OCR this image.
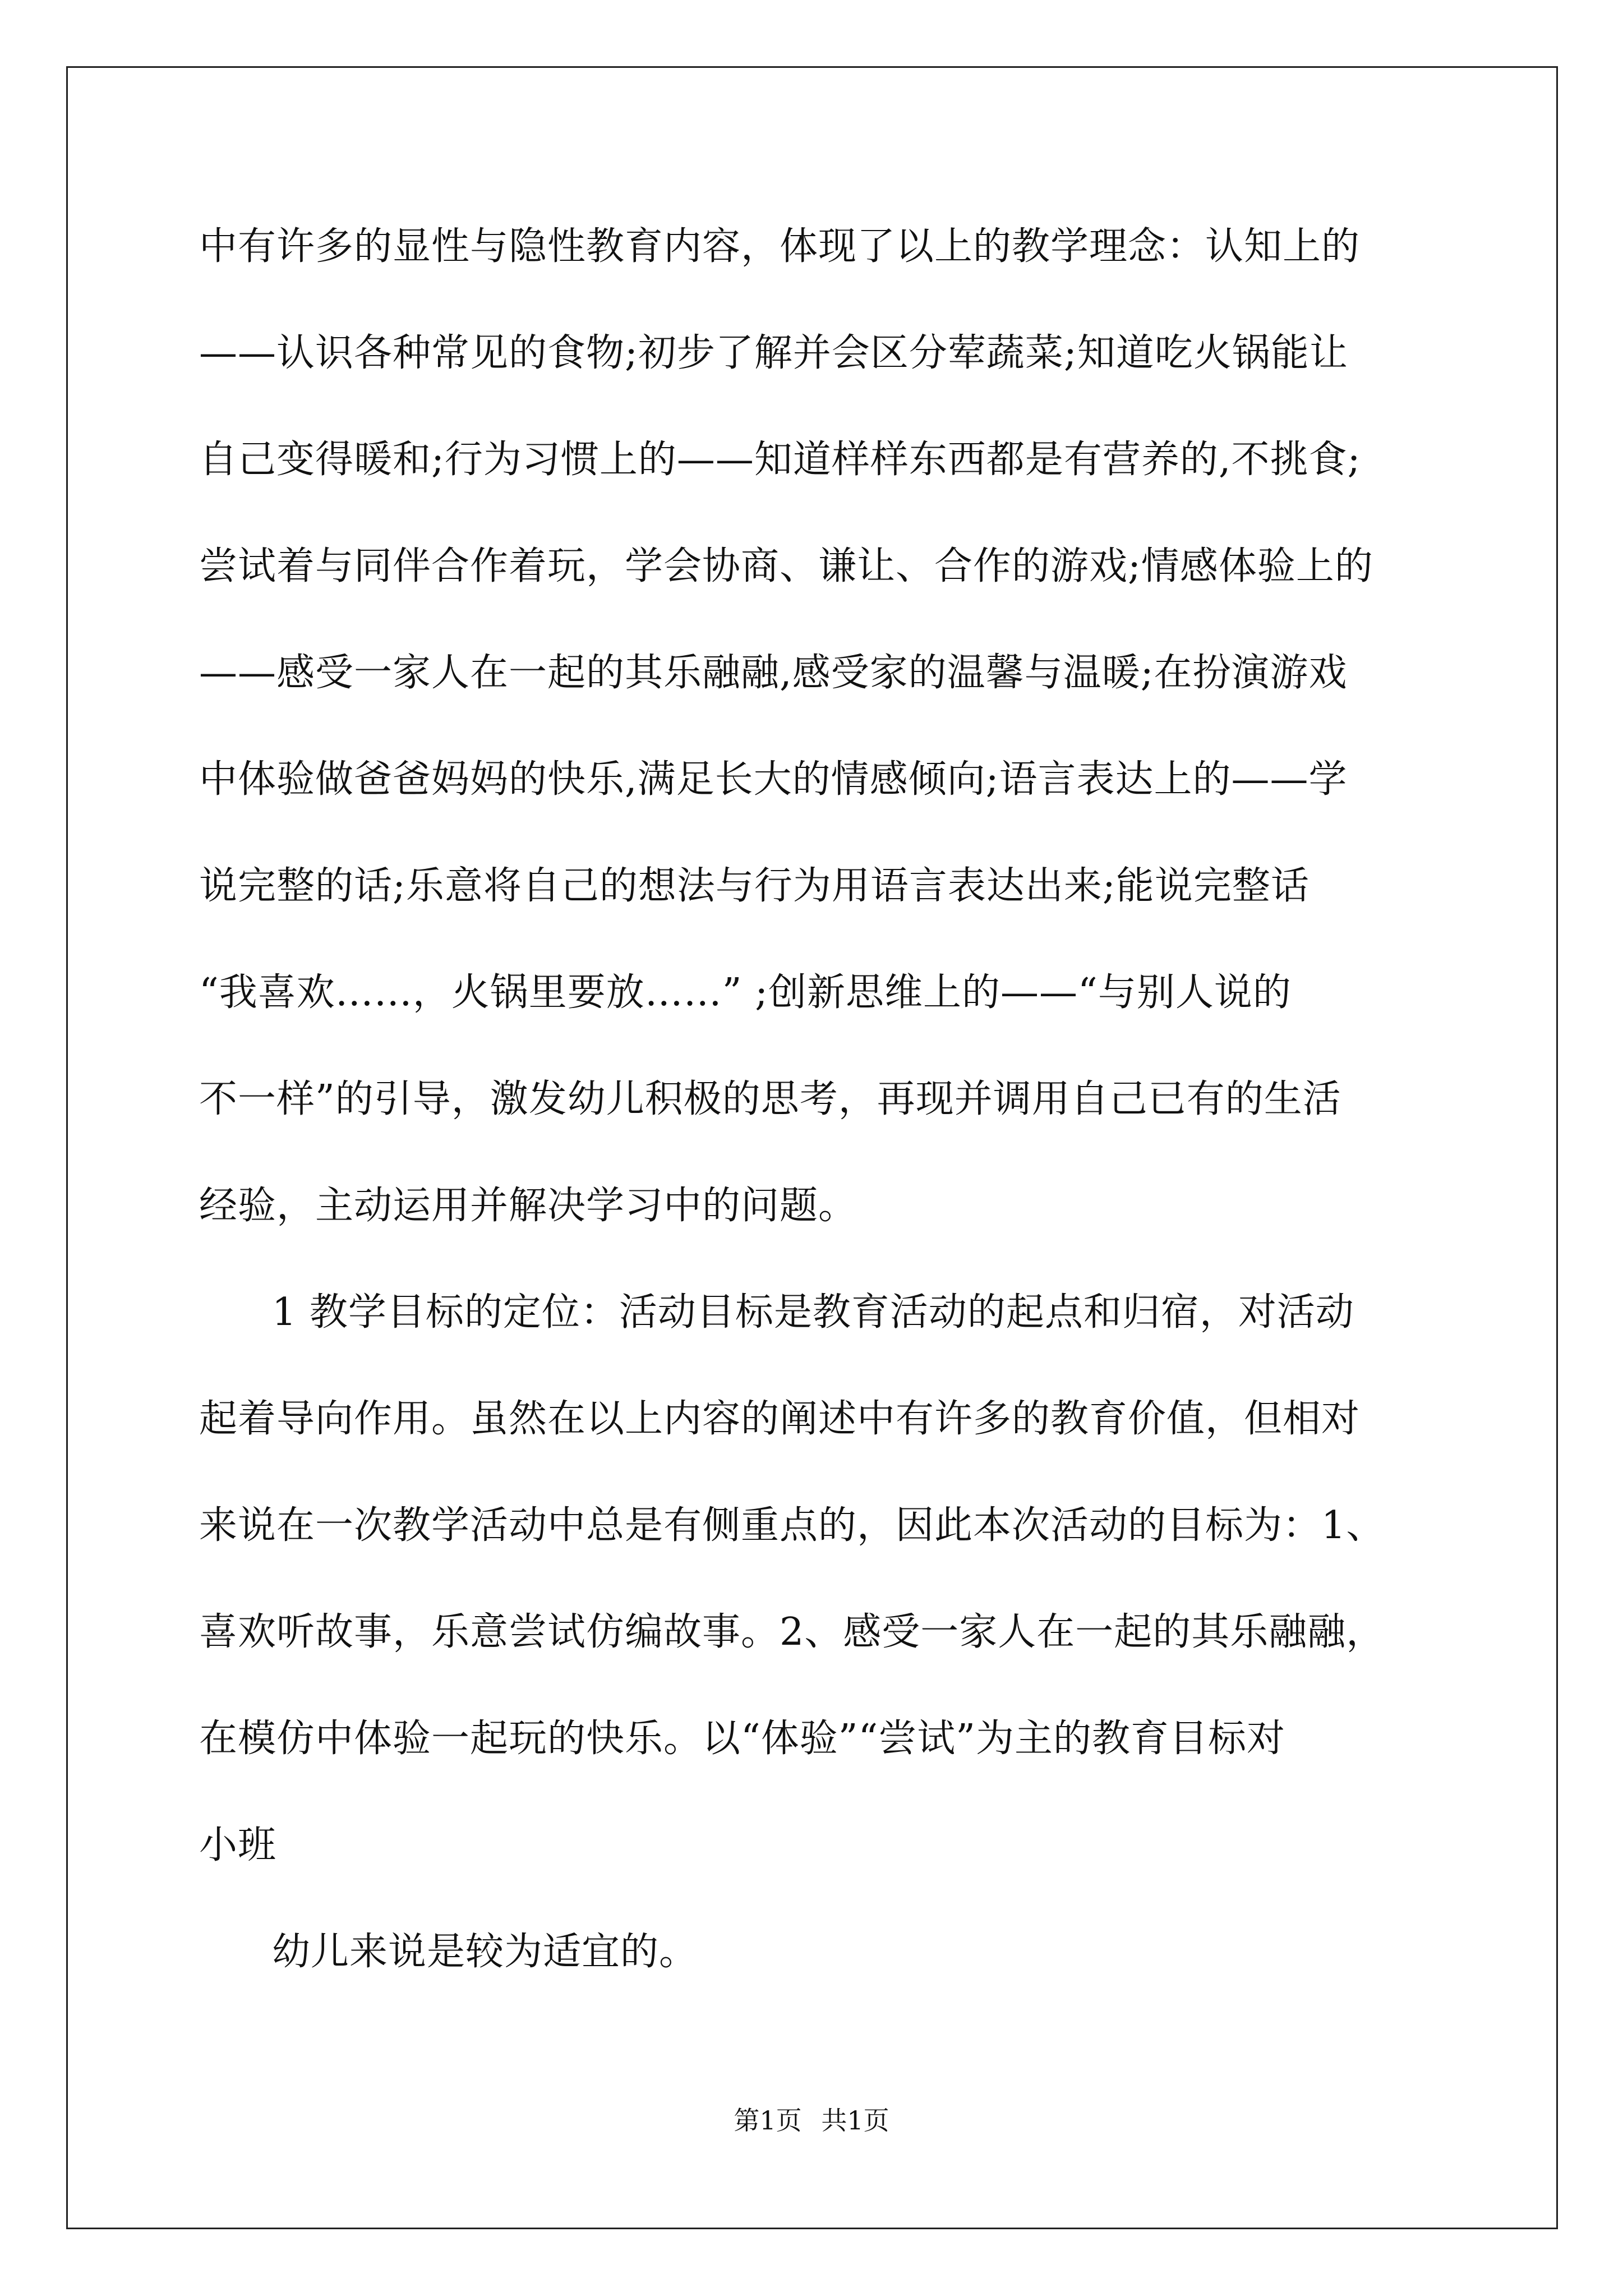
中有许多的显性与隐性教育内容，体现了以上的教学理念：认知上的
——认识各种常见的食物;初步了解并会区分荤蔬菜;知道吃火锅能让
自己变得暖和;行为习惯上的——知道样样东西都是有营养的,不挑食;
尝试着与同伴合作着玩，学会协商、谦让、合作的游戏;情感体验上的
——感受一家人在一起的其乐融融,感受家的温馨与温暖;在扮演游戏
中体验做爸爸妈妈的快乐,满足长大的情感倾向;语言表达上的——学
说完整的话;乐意将自己的想法与行为用语言表达出来;能说完整话
“我喜欢……，火锅里要放……” ;创新思维上的——“与别人说的
不一样”的引导，激发幼儿积极的思考，再现并调用自己已有的生活
经验，主动运用并解决学习中的问题。
1 教学目标的定位：活动目标是教育活动的起点和归宿，对活动
起着导向作用。虽然在以上内容的阐述中有许多的教育价值，但相对
来说在一次教学活动中总是有侧重点的，因此本次活动的目标为：1、
喜欢听故事，乐意尝试仿编故事。2、感受一家人在一起的其乐融融，
在模仿中体验一起玩的快乐。以“体验”“尝试”为主的教育目标对
小班
幼儿来说是较为适宜的。
第1页 共1页
